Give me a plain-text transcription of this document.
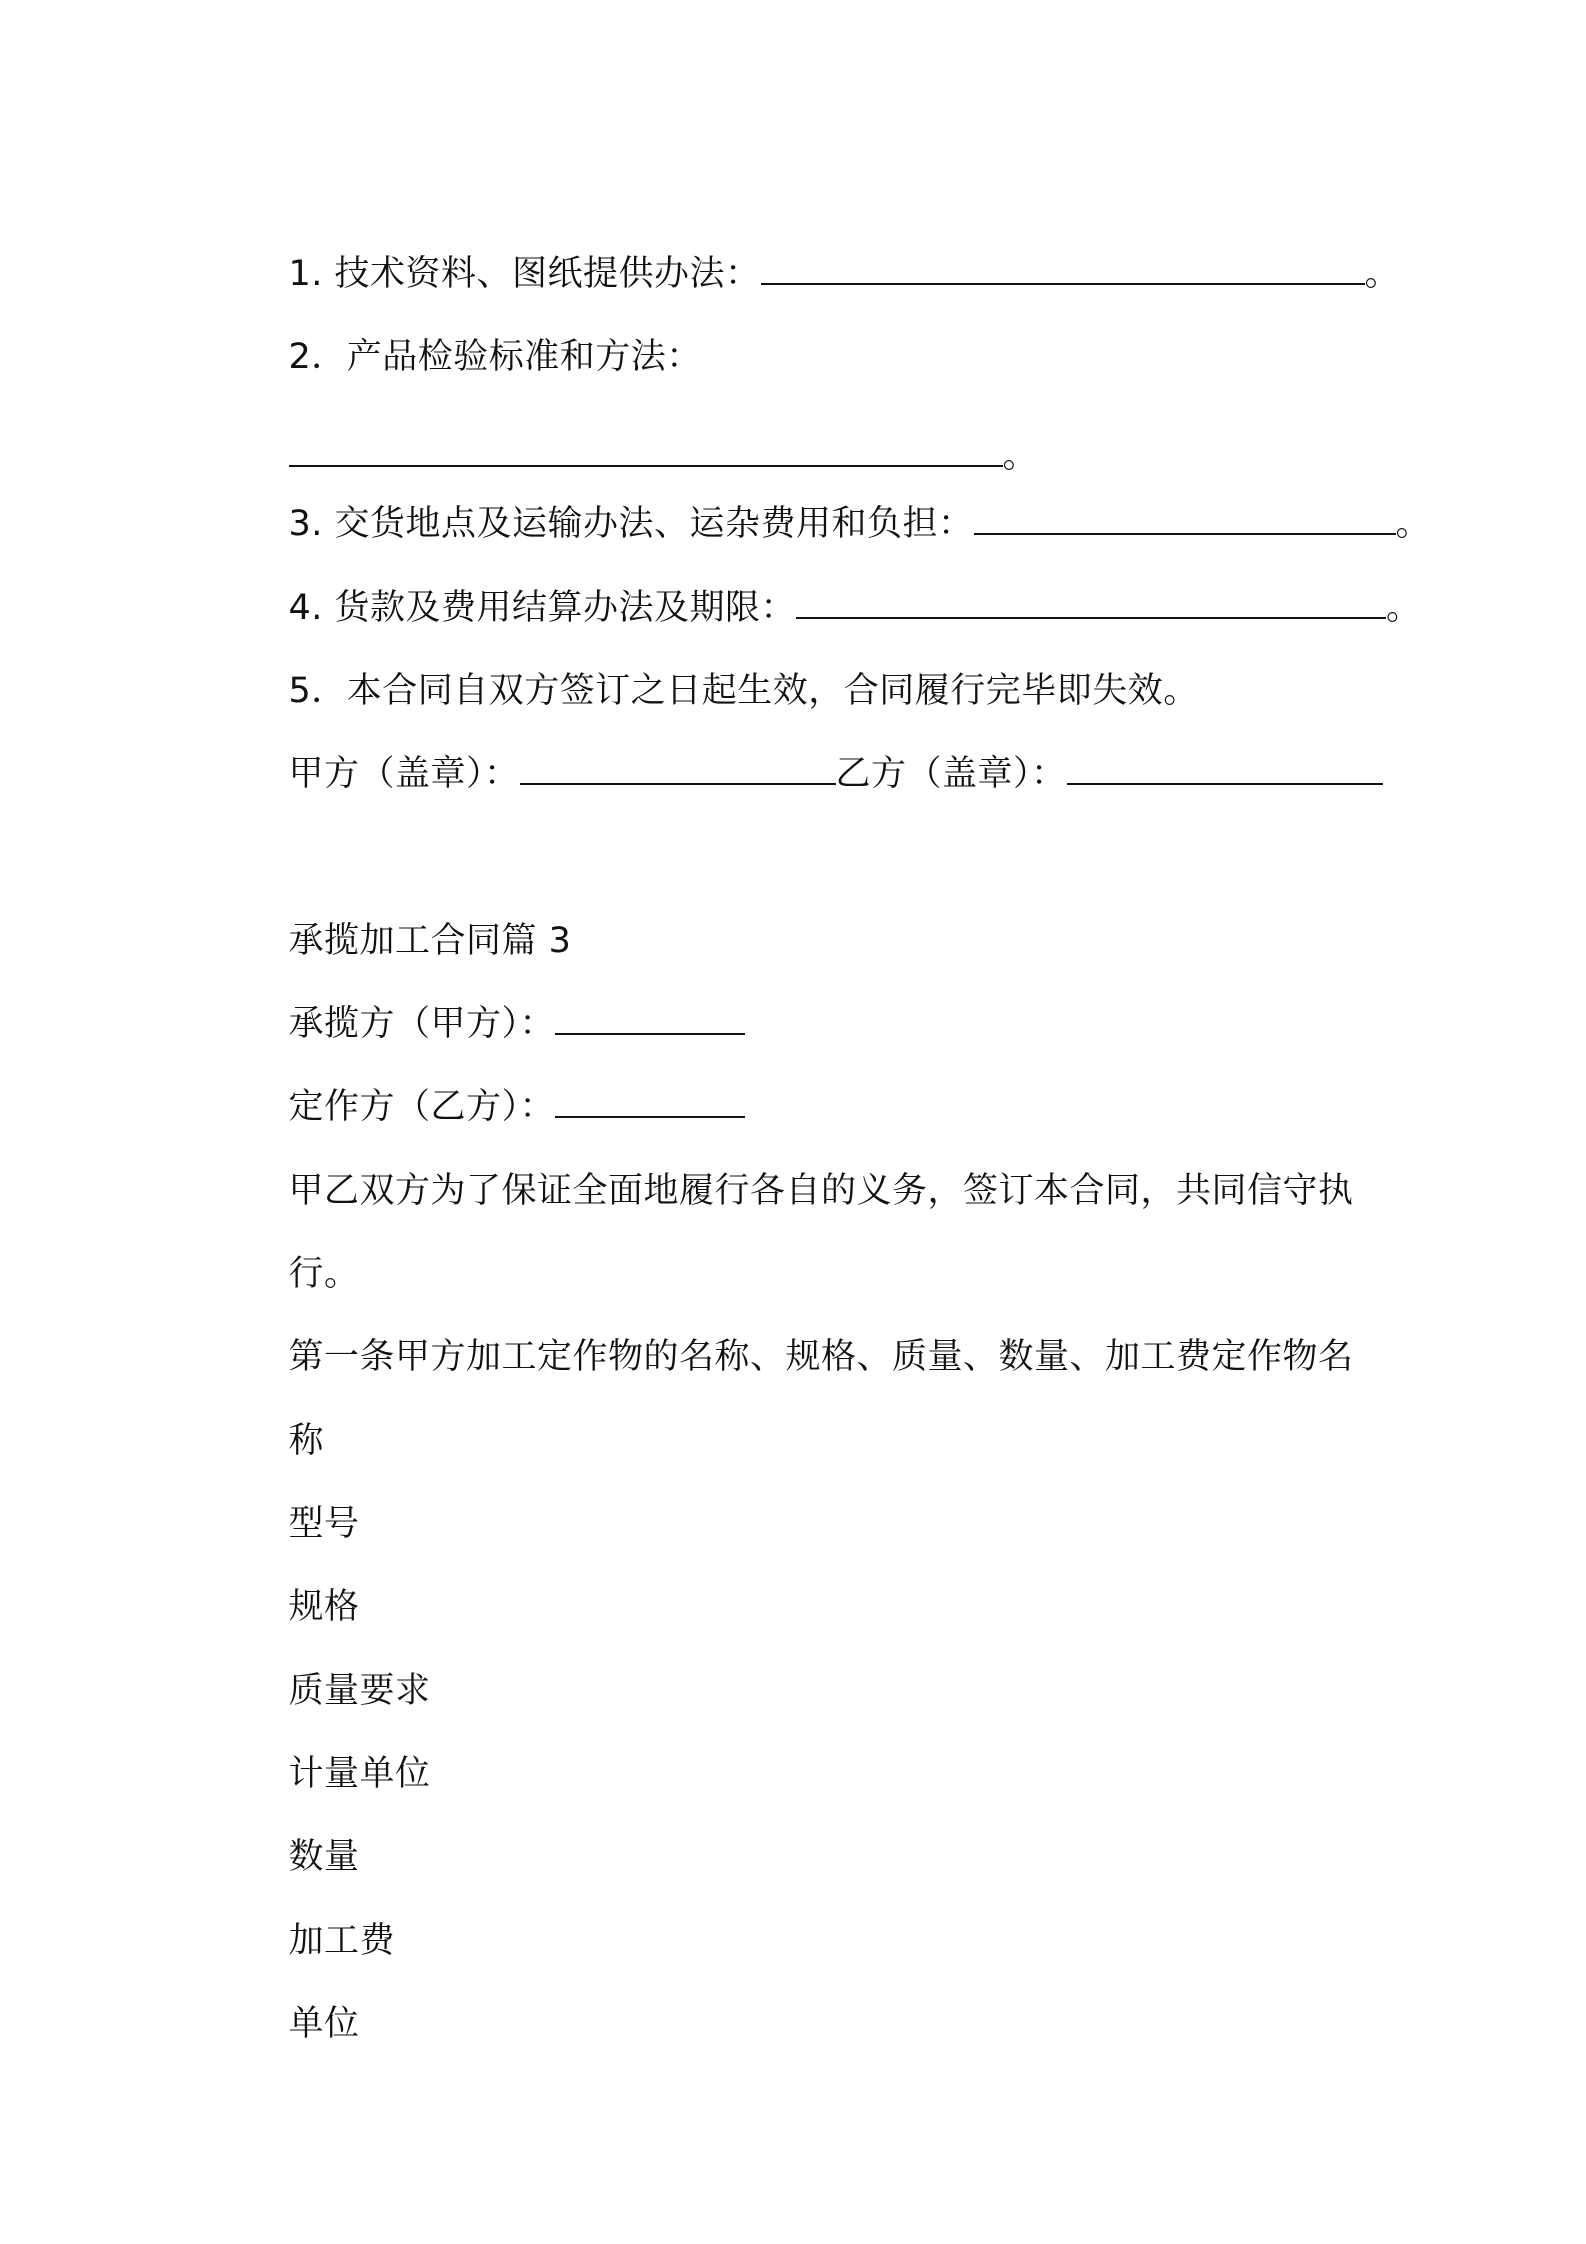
1. 技术资料、图纸提供办法：	。

2．产品检验标准和方法：

。

3. 交货地点及运输办法、运杂费用和负担：	。

4. 货款及费用结算办法及期限：	。

5．本合同自双方签订之日起生效，合同履行完毕即失效。

甲方（盖章）：	乙方（盖章）：

承揽加工合同篇 3

承揽方（甲方）：

定作方（乙方）：

甲乙双方为了保证全面地履行各自的义务，签订本合同，共同信守执

行。

第一条甲方加工定作物的名称、规格、质量、数量、加工费定作物名

称

型号

规格

质量要求

计量单位

数量

加工费

单位
